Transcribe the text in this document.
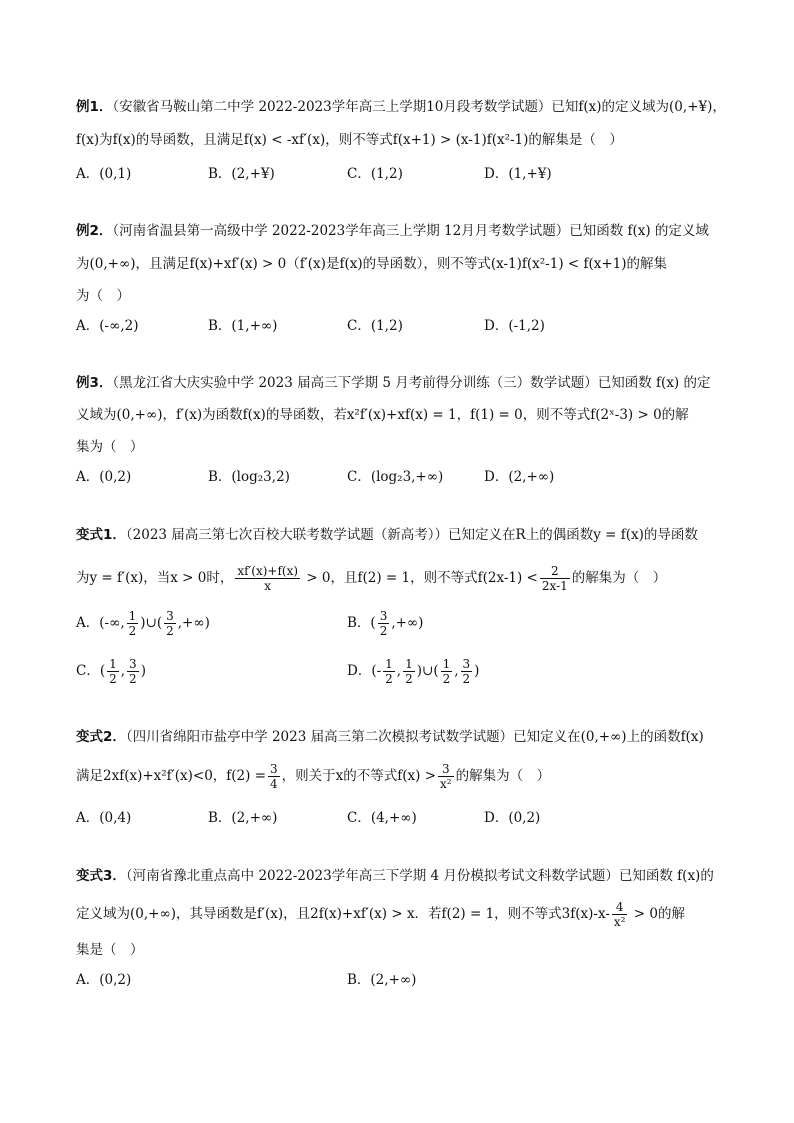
例1．（安徽省马鞍山第二中学 2022-2023学年高三上学期10月段考数学试题）已知f(x)的定义域为(0,+¥)，
f(x)为f(x)的导函数，且满足f(x) < -xf′(x)，则不等式f(x+1) > (x-1)f(x²-1)的解集是（　）
A．(0,1)	B．(2,+¥)	C．(1,2)	D．(1,+¥)
例2．（河南省温县第一高级中学 2022-2023学年高三上学期 12月月考数学试题）已知函数 f(x) 的定义域
为(0,+∞)，且满足f(x)+xf′(x) > 0（f′(x)是f(x)的导函数），则不等式(x-1)f(x²-1) < f(x+1)的解集
为（　）
A．(-∞,2)	B．(1,+∞)	C．(1,2)	D．(-1,2)
例3．（黑龙江省大庆实验中学 2023 届高三下学期 5 月考前得分训练（三）数学试题）已知函数 f(x) 的定
义域为(0,+∞)，f′(x)为函数f(x)的导函数，若x²f′(x)+xf(x) = 1，f(1) = 0，则不等式f(2ˣ-3) > 0的解
集为（　）
A．(0,2)	B．(log₂3,2)	C．(log₂3,+∞)	D．(2,+∞)
变式1．（2023 届高三第七次百校大联考数学试题（新高考））已知定义在R上的偶函数y = f(x)的导函数
为y = f′(x)，当x > 0时， $\frac{xf'(x)+f(x)}{x} > 0$，且f(2) = 1，则不等式$f(2x-1) < \frac{2}{2x-1}$ 的解集为（　）
A．(-∞, $\frac{1}{2}$ )∪( $\frac{3}{2}$ ,+∞)	B．( $\frac{3}{2}$ ,+∞)
C．( $\frac{1}{2}$ , $\frac{3}{2}$ )	D．(- $\frac{1}{2}$ , $\frac{1}{2}$ )∪( $\frac{1}{2}$ , $\frac{3}{2}$ )
变式2．（四川省绵阳市盐亭中学 2023 届高三第二次模拟考试数学试题）已知定义在(0,+∞)上的函数f(x)
满足2xf(x)+x²f′(x)<0，$f(2) = \frac{3}{4}$ ，则关于x的不等式$f(x) > \frac{3}{\text{x²}}$ 的解集为（　）
A．(0,4)	B．(2,+∞)	C．(4,+∞)	D．(0,2)
变式3．（河南省豫北重点高中 2022-2023学年高三下学期 4 月份模拟考试文科数学试题）已知函数 f(x)的
定义域为(0,+∞)，其导函数是f′(x)，且2f(x)+xf′(x) > x．若f(2) = 1，则不等式$3f(x)-x- \frac{4}{\text{x²}} > 0$的解
集是（　）
A．(0,2)	B．(2,+∞)
